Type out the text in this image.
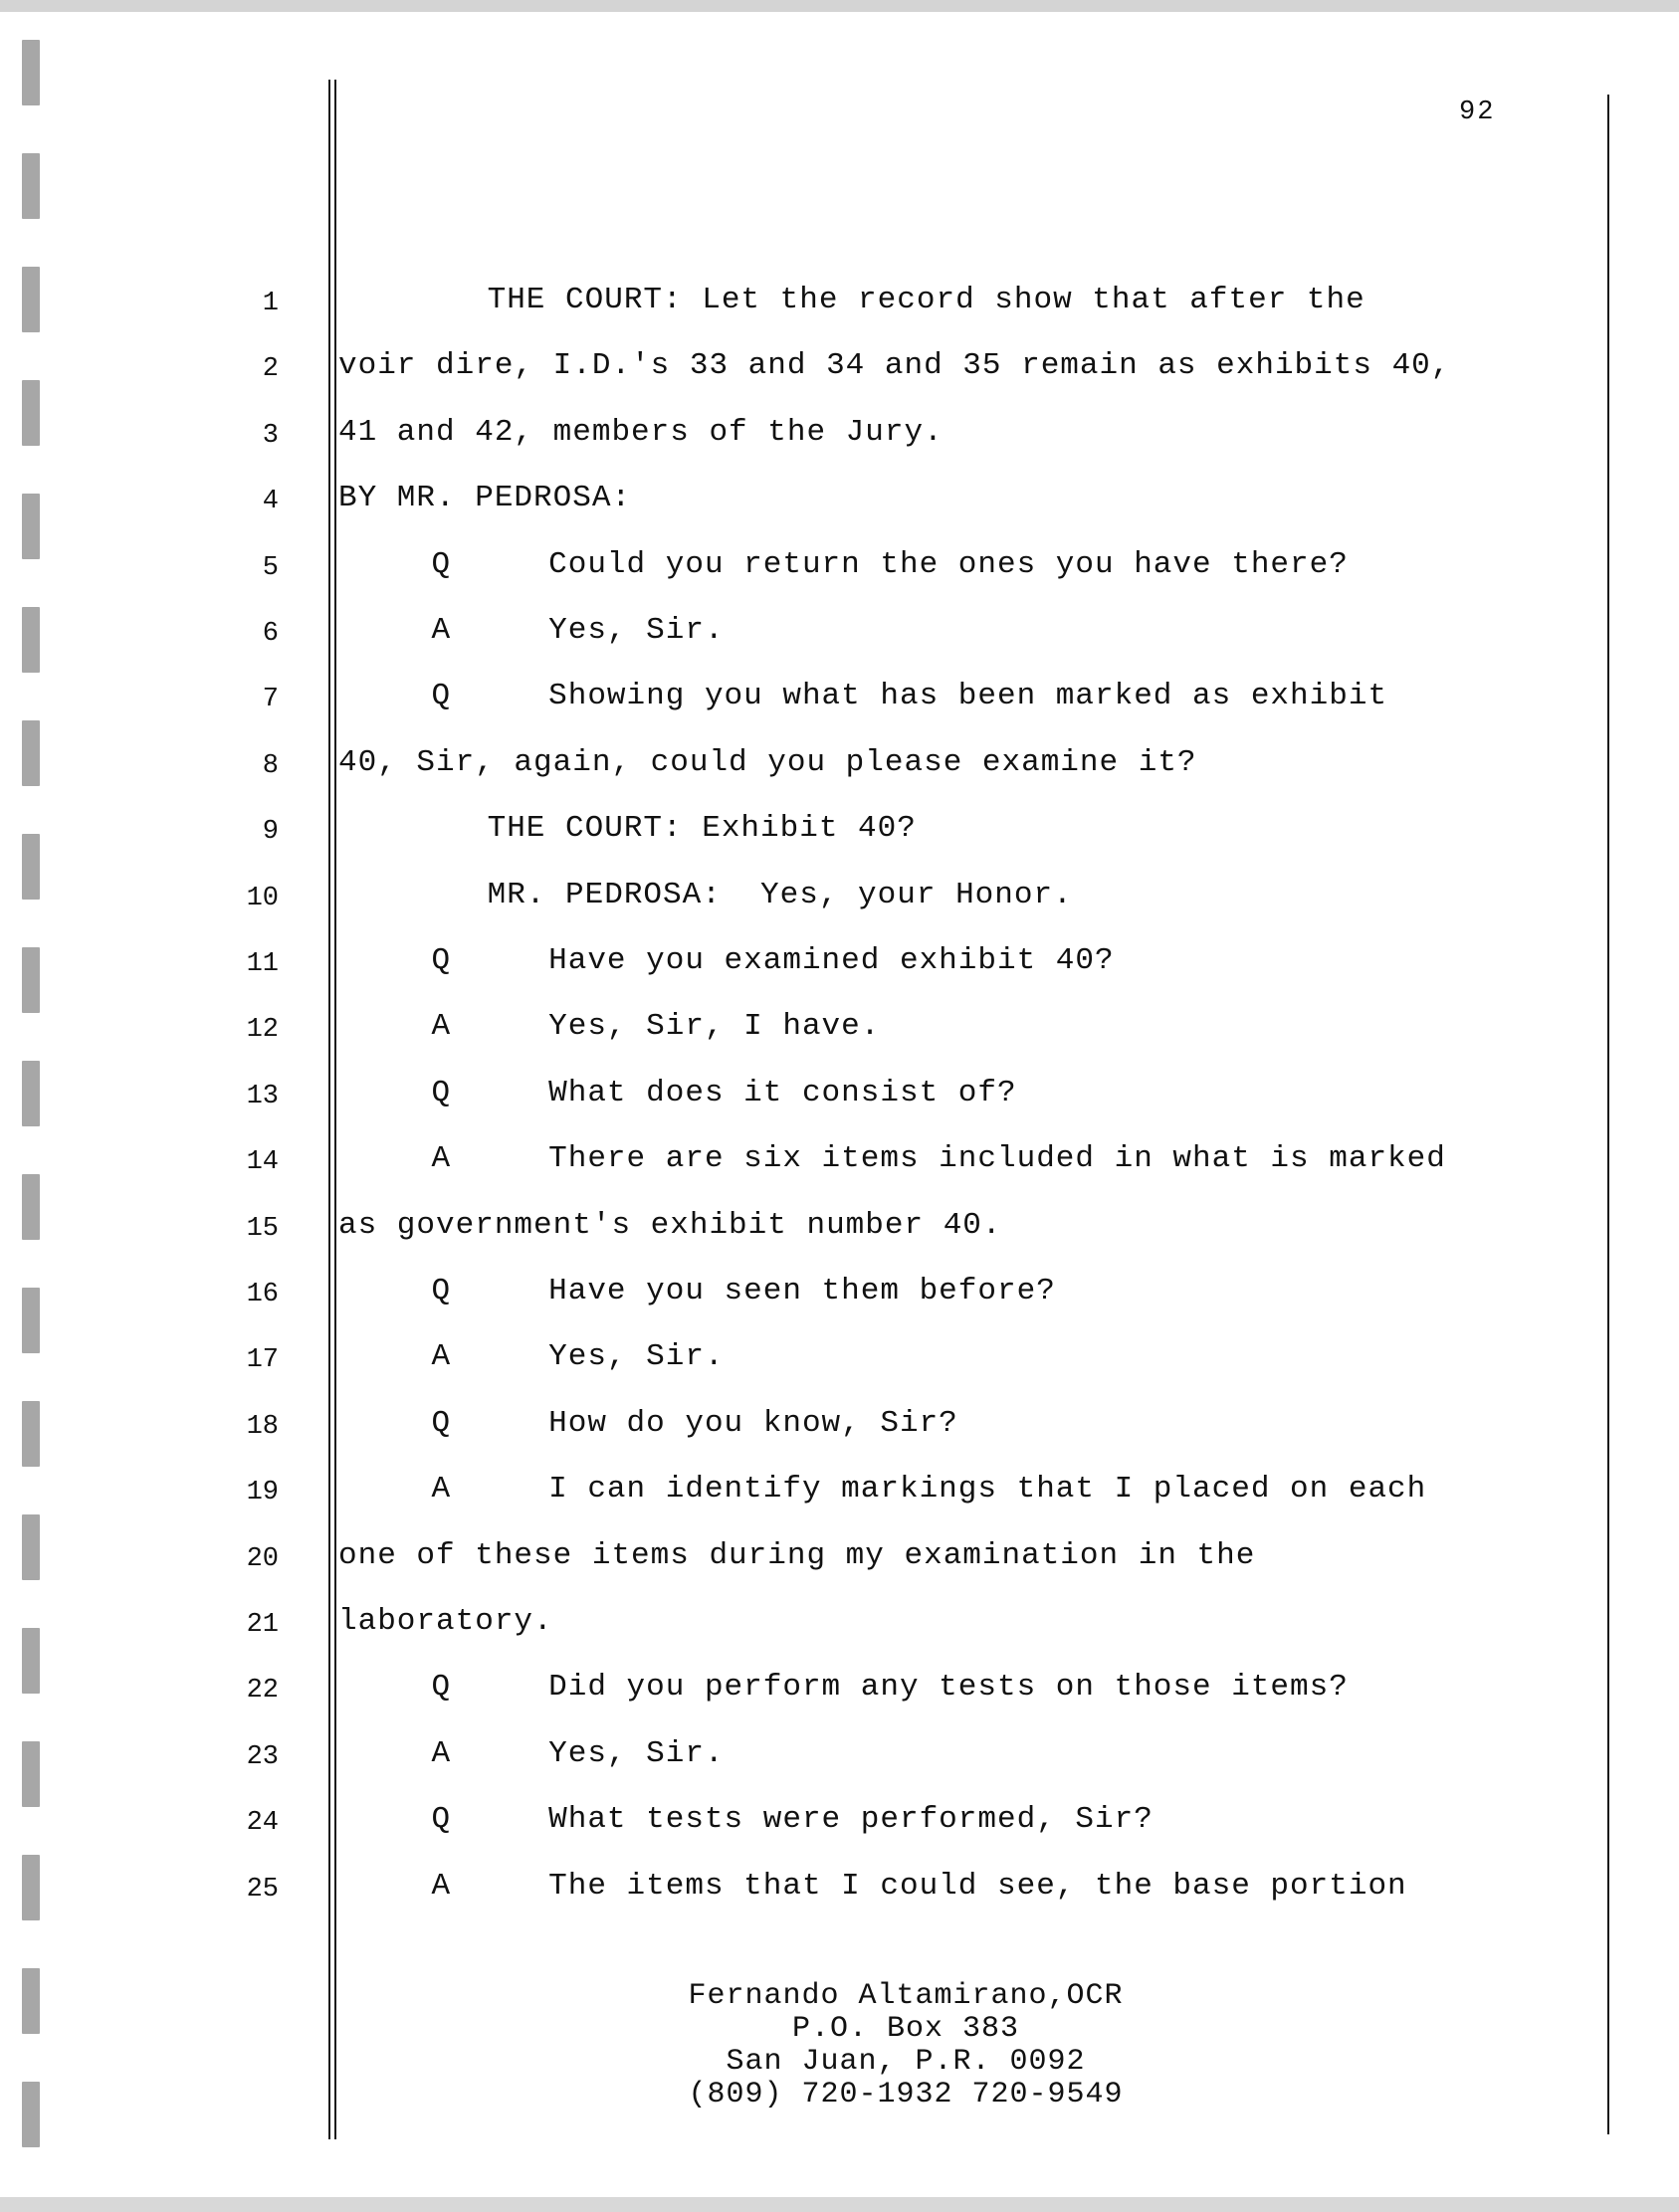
92
1	THE COURT: Let the record show that after the
2 voir dire, I.D.'s 33 and 34 and 35 remain as exhibits 40,
3 41 and 42, members of the Jury.
4 BY MR. PEDROSA:
5	Q     Could you return the ones you have there?
6	A     Yes, Sir.
7	Q     Showing you what has been marked as exhibit
8 40, Sir, again, could you please examine it?
9	THE COURT: Exhibit 40?
10	MR. PEDROSA:  Yes, your Honor.
11	Q     Have you examined exhibit 40?
12	A     Yes, Sir, I have.
13	Q     What does it consist of?
14	A     There are six items included in what is marked
15 as government's exhibit number 40.
16	Q     Have you seen them before?
17	A     Yes, Sir.
18	Q     How do you know, Sir?
19	A     I can identify markings that I placed on each
20 one of these items during my examination in the
21 laboratory.
22	Q     Did you perform any tests on those items?
23	A     Yes, Sir.
24	Q     What tests were performed, Sir?
25	A     The items that I could see, the base portion
Fernando Altamirano,OCR
P.O. Box 383
San Juan, P.R. 0092
(809) 720-1932 720-9549
